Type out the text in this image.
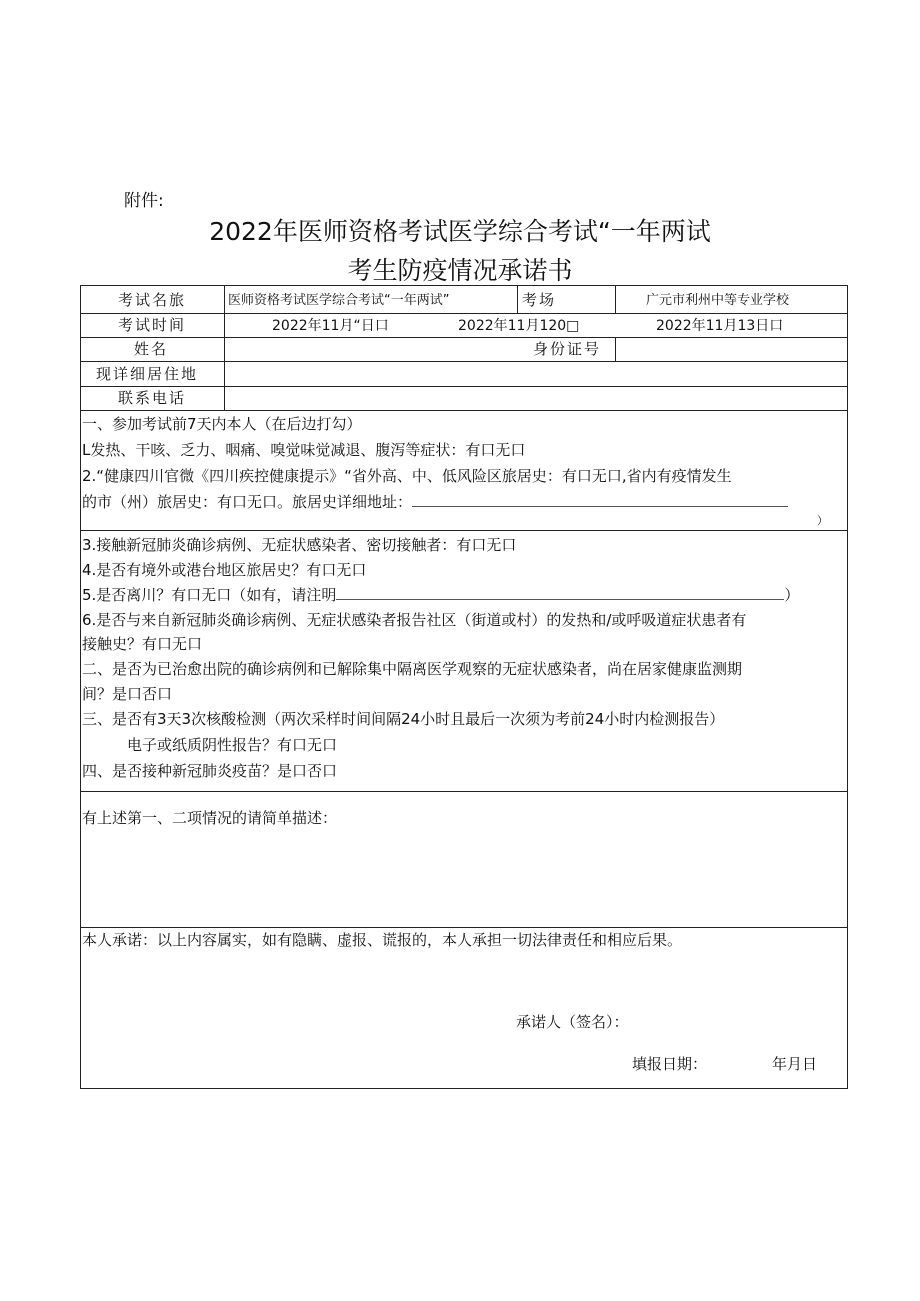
附件:
2022年医师资格考试医学综合考试“一年两试
考生防疫情况承诺书
考试名旅	医师资格考试医学综合考试“一年两试”	考场	广元市利州中等专业学校
考试时间	2022年11月“日口	2022年11月120□	2022年11月13日口
姓名	身份证号
现详细居住地
联系电话
一、参加考试前7天内本人（在后边打勾）
L发热、干咳、乏力、咽痛、嗅觉味觉减退、腹泻等症状：有口无口
2.“健康四川官微《四川疾控健康提示》“省外高、中、低风险区旅居史：有口无口,省内有疫情发生
的市（州）旅居史：有口无口。旅居史详细地址：
）
3.接触新冠肺炎确诊病例、无症状感染者、密切接触者：有口无口
4.是否有境外或港台地区旅居史？有口无口
5.是否离川？有口无口（如有，请注明	）
6.是否与来自新冠肺炎确诊病例、无症状感染者报告社区（街道或村）的发热和/或呼吸道症状患者有
接触史？有口无口
二、是否为已治愈出院的确诊病例和已解除集中隔离医学观察的无症状感染者，尚在居家健康监测期
间？是口否口
三、是否有3天3次核酸检测（两次采样时间间隔24小时且最后一次须为考前24小时内检测报告）
电子或纸质阴性报告？有口无口
四、是否接种新冠肺炎疫苗？是口否口
有上述第一、二项情况的请简单描述：
本人承诺：以上内容属实，如有隐瞒、虚报、谎报的，本人承担一切法律责任和相应后果。
承诺人（签名）：
填报日期：	年月日
